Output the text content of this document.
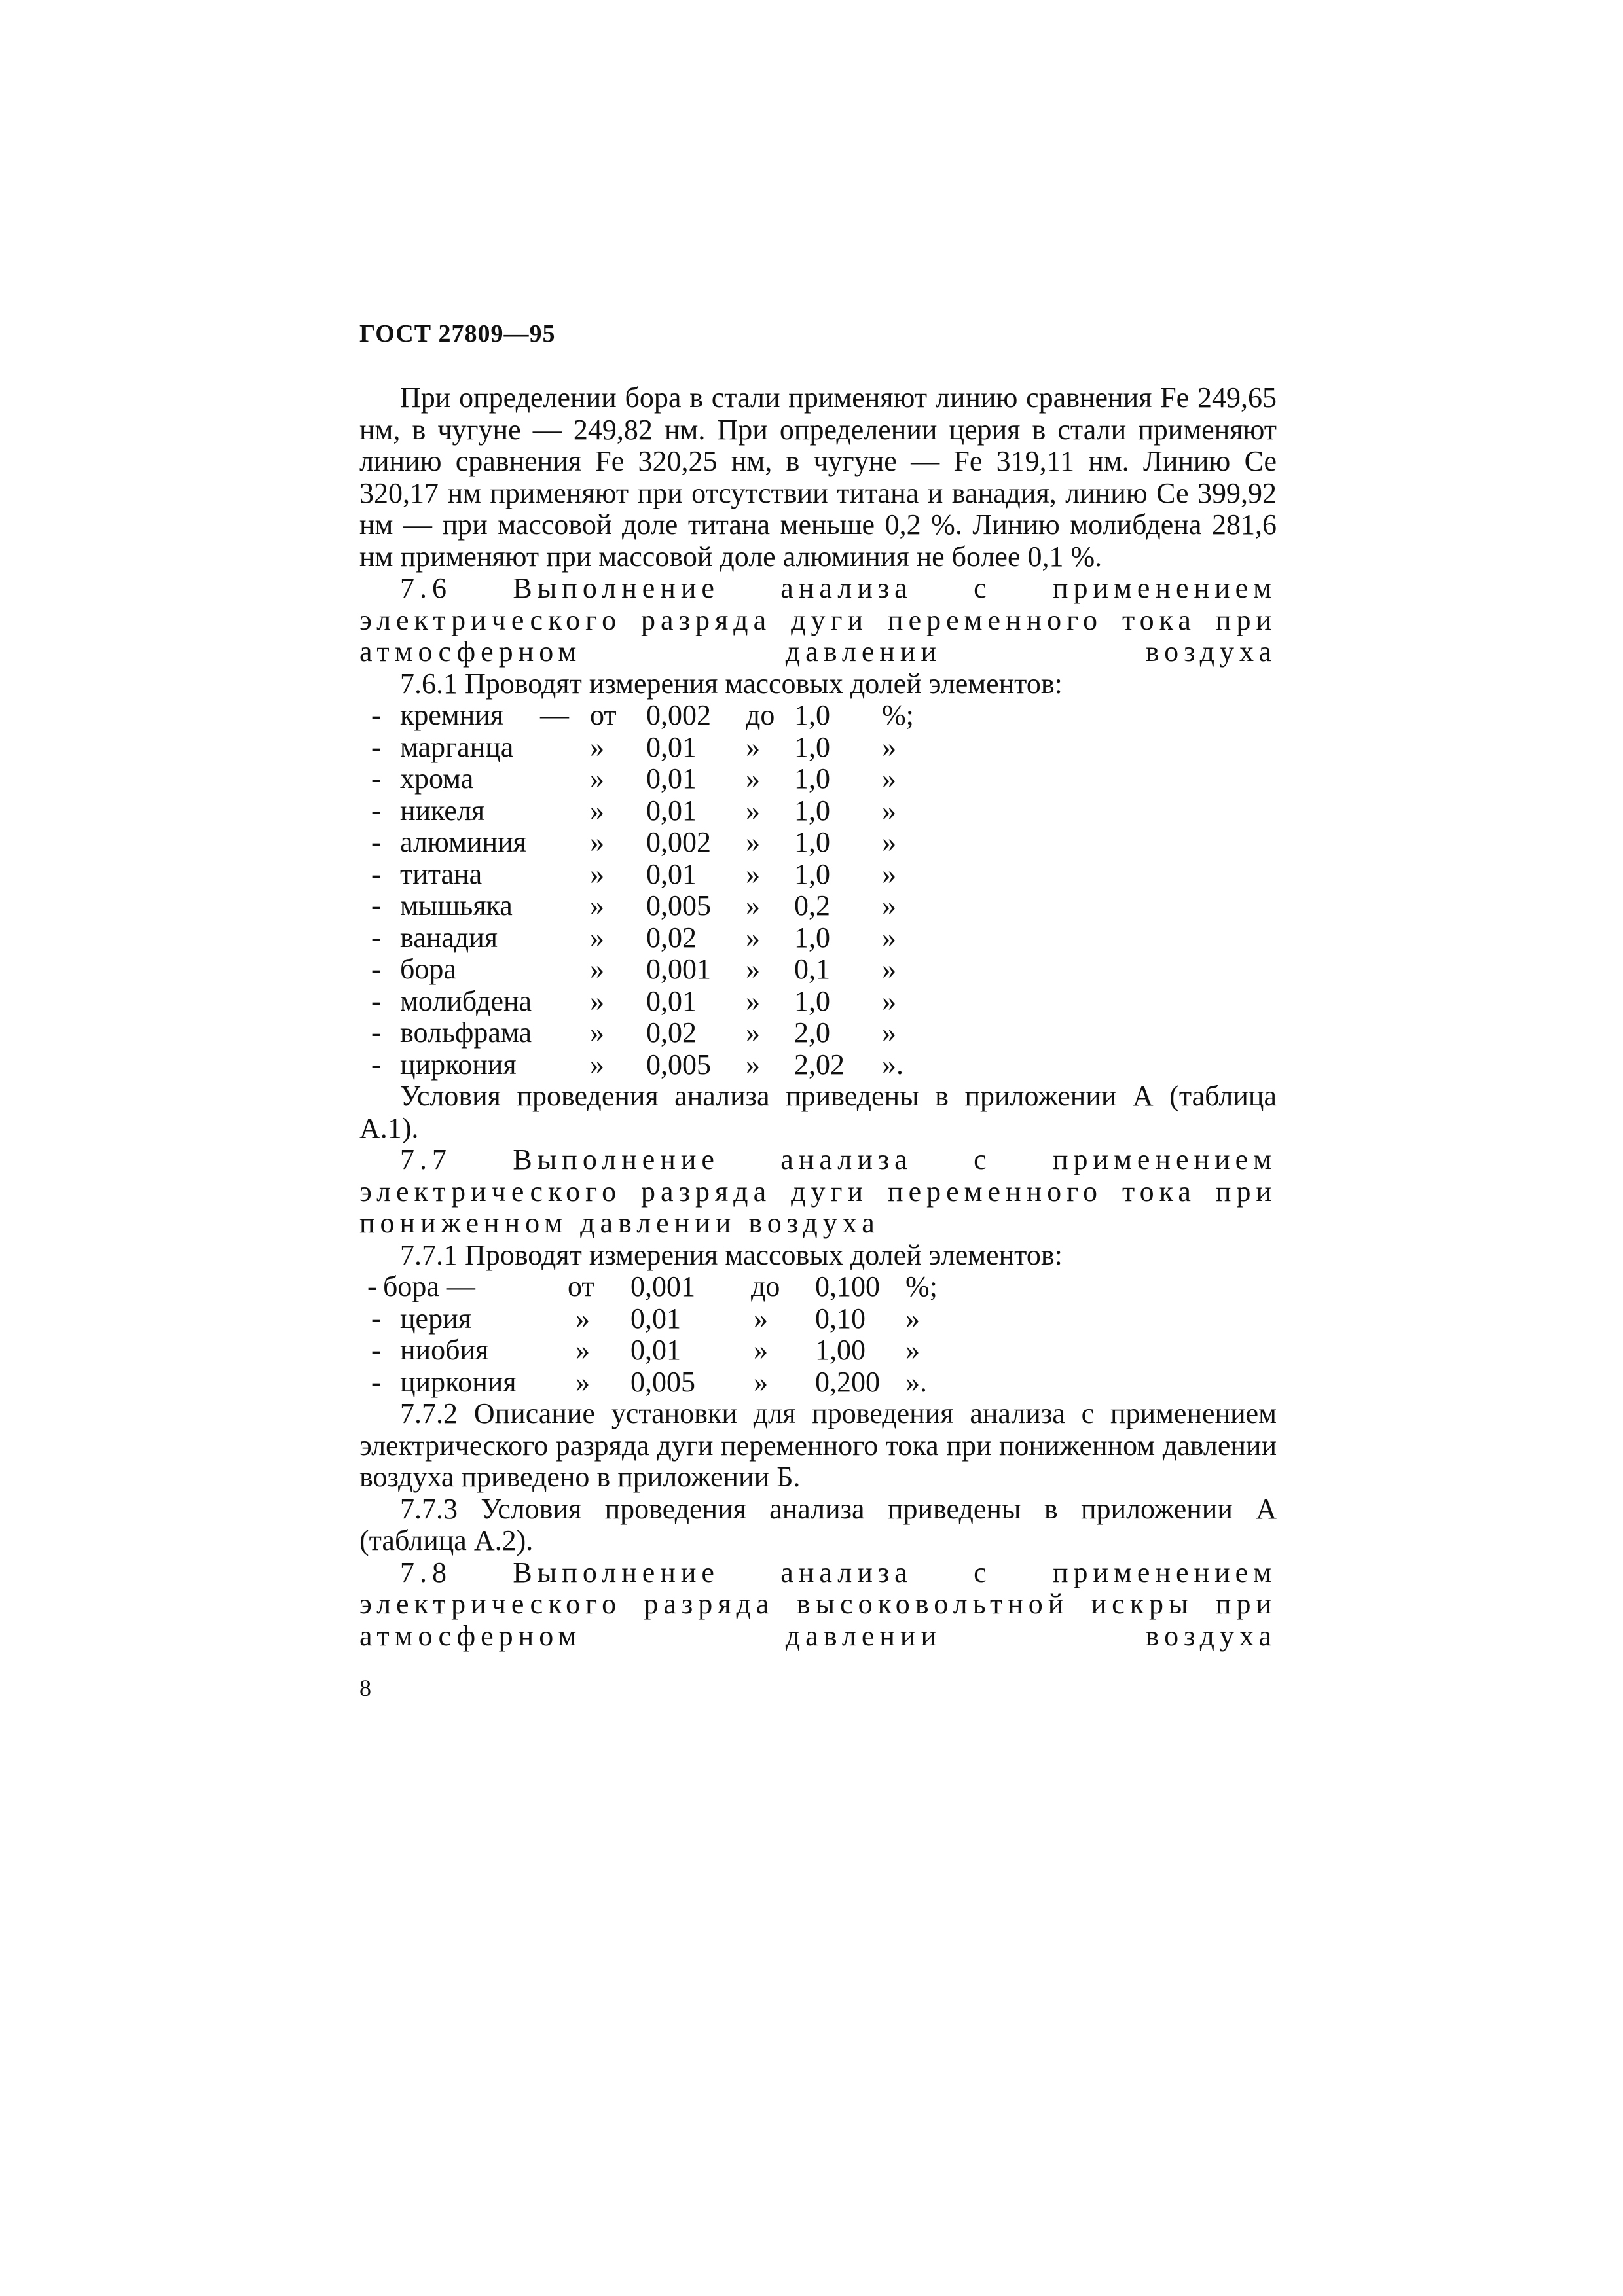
ГОСТ 27809—95

При определении бора в стали применяют линию сравнения Fe 249,65 нм, в чугуне — 249,82 нм. При определении церия в стали применяют линию сравнения Fe 320,25 нм, в чугуне — Fe 319,11 нм. Линию Се 320,17 нм применяют при отсутствии титана и ванадия, линию Се 399,92 нм — при массовой доле титана меньше 0,2 %. Линию молибдена 281,6 нм применяют при массовой доле алюминия не более 0,1 %.

7.6 Выполнение анализа с применением электрического разряда дуги переменного тока при атмосферном давлении воздуха

7.6.1 Проводят измерения массовых долей элементов:

- кремния — от 0,002 до 1,0 %;
- марганца	» 0,01 » 1,0 »
- хрома	» 0,01 » 1,0 »
- никеля	» 0,01 » 1,0 »
- алюминия » 0,002 » 1,0 »
- титана	» 0,01 » 1,0 »
- мышьяка	» 0,005 » 0,2 »
- ванадия	» 0,02 » 1,0 »
- бора	» 0,001 » 0,1 »
- молибдена » 0,01 » 1,0 »
- вольфрама » 0,02 » 2,0 »
- циркония	» 0,005 » 2,02 ».

Условия проведения анализа приведены в приложении А (таблица А.1).

7.7 Выполнение анализа с применением электрического разряда дуги переменного тока при пониженном давлении воздуха

7.7.1 Проводят измерения массовых долей элементов:

- бора —	от 0,001 до 0,100 %;
- церия	» 0,01	» 0,10 »
- ниобия	» 0,01	» 1,00 »
- циркония » 0,005 » 0,200 ».

7.7.2 Описание установки для проведения анализа с применением электрического разряда дуги переменного тока при пониженном давлении воздуха приведено в приложении Б.

7.7.3 Условия проведения анализа приведены в приложении А (таблица А.2).

7.8 Выполнение анализа с применением электрического разряда высоковольтной искры при атмосферном давлении воздуха

8
